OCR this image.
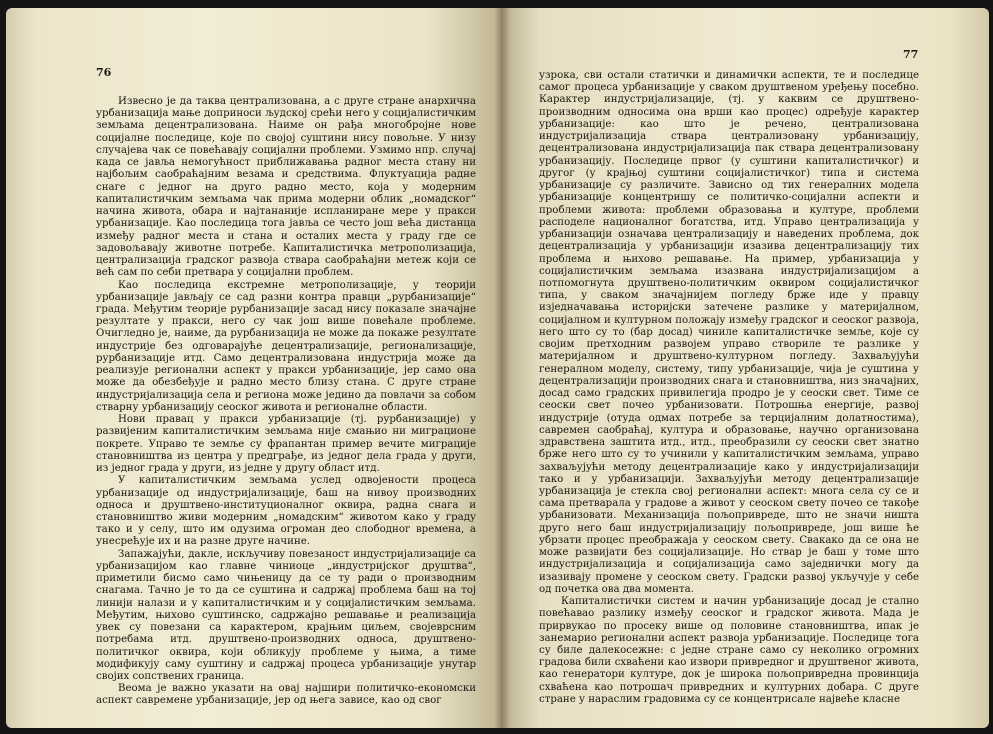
76

Извесно је да таква централизована, а с друге стране анархична урбанизација мање доприноси људској срећи него у социјалистичким земљама децентрализована. Наиме он рађа многобројне нове социјалне последице, које по својој суштини нису повољне. У низу случајева чак се повећавају социјални проблеми. Узмимо нпр. случај када се јавља немогућност приближавања радног места стану ни најбољим саобраћајним везама и средствима. Флуктуација радне снаге с једног на друго радно место, која у модерним капиталистичким земљама чак прима модерни облик „номадског“ начина живота, обара и најтананије испланиране мере у пракси урбанизације. Као последица тога јавља се често још већа дистанца између радног места и стана и осталих места у граду где се задовољавају животне потребе. Капиталистичка метрополизација, централизација градског развоја ствара саобраћајни метеж који се већ сам по себи претвара у социјални проблем.

Као последица екстремне метрополизације, у теорији урбанизације јављају се сад разни контра правци „рурбанизације“ града. Међутим теорије рурбанизације засад нису показале значајне резултате у пракси, него су чак још више повећале проблеме. Очигледно је, наиме, да рурбанизација не може да покаже резултате индустрије без одговарајуће децентрализације, регионализације, рурбанизације итд. Само децентрализована индустрија може да реализује регионални аспект у пракси урбанизације, јер само она може да обезбеђује и радно место близу стана. С друге стране индустријализација села и региона може једино да повлачи за собом стварну урбанизацију сеоског живота и регионалне области.

Нови правац у пракси урбанизације (тј. рурбанизације) у развијеним капиталистичким земљама није смањио ни миграционе покрете. Управо те земље су фрапантан пример вечите миграције становништва из центра у предграђе, из једног дела града у други, из једног града у други, из једне у другу област итд.

У капиталистичким земљама услед одвојености процеса урбанизације од индустријализације, баш на нивоу производних односа и друштвено-институционалног оквира, радна снага и становништво живи модерним „номадским“ животом како у граду тако и у селу, што им одузима огроман део слободног времена, а унесрећује их и на разне друге начине.

Запажајући, дакле, искључиву повезаност индустријализације са урбанизацијом као главне чиниоце „индустријског друштва“, приметили бисмо само чињеницу да се ту ради о производним снагама. Тачно је то да се суштина и садржај проблема баш на тој линији налази и у капиталистичким и у социјалистичким земљама. Међутим, њихово суштинско, садржајно решавање и реализација увек су повезани са карактером, крајњим циљем, својеврсним потребама итд. друштвено-производних односа, друштвено-политичког оквира, који обликују проблеме у њима, а тиме модификују саму суштину и садржај процеса урбанизације унутар својих сопствених граница.

Веома је важно указати на овај најшири политичко-економски аспект савремене урбанизације, јер од њега зависе, као од свог

77

узрока, сви остали статички и динамички аспекти, те и последице самог процеса урбанизације у сваком друштвеном уређењу посебно. Карактер индустријализације, (тј. у каквим се друштвено-производним односима она врши као процес) одређује карактер урбанизације: као што је речено, централизована индустријализација ствара централизовану урбанизацију, децентрализована индустријализација пак ствара децентрализовану урбанизацију. Последице првог (у суштини капиталистичког) и другог (у крајњој суштини социјалистичког) типа и система урбанизације су различите. Зависно од тих генералних модела урбанизације концентришу се политичко-социјални аспекти и проблеми живота: проблеми образовања и културе, проблеми расподеле националног богатства, итд. Управо централизација у урбанизацији означава централизацију и наведених проблема, док децентрализација у урбанизацији изазива децентрализацију тих проблема и њихово решавање. На пример, урбанизација у социјалистичким земљама изазвана индустријализацијом а потпомогнута друштвено-политичким оквиром социјалистичког типа, у сваком значајнијем погледу брже иде у правцу изједначавања историјски затечене разлике у материјалном, социјалном и културном положају између градског и сеоског развоја, него што су то (бар досад) чиниле капиталистичке земље, које су својим претходним развојем управо створиле те разлике у материјалном и друштвено-културном погледу. Захваљујући генералном моделу, систему, типу урбанизације, чија је суштина у децентрализацији производних снага и становништва, низ значајних, досад само градских привилегија продро је у сеоски свет. Тиме се сеоски свет почео урбанизовати. Потрошња енергије, развој индустрије (отуда одмах потребе за терцијалним долатностима), савремен саобраћај, култура и образовање, научно организована здравствена заштита итд., итд., преобразили су сеоски свет знатно брже него што су то учинили у капиталистичким земљама, управо захваљујући методу децентрализације како у индустријализацији тако и у урбанизацији. Захваљујући методу децентрализације урбанизација је стекла свој регионални аспект: многа села су се и сама претварала у градове а живот у сеоском свету почео се такође урбанизовати. Механизација пољопривреде, што не значи ништа друго него баш индустријализацију пољопривреде, још више ће убрзати процес преображаја у сеоском свету. Свакако да се она не може развијати без социјализације. Но ствар је баш у томе што индустријализација и социјализација само заједнички могу да изазивају промене у сеоском свету. Градски развој укључује у себе од почетка ова два момента.

Капиталистички систем и начин урбанизације досад је стално повећавао разлику између сеоског и градског живота. Мада је прирвукао по просеку више од половине становништва, ипак је занемарио регионални аспект развоја урбанизације. Последице тога су биле далекосежне: с једне стране само су неколико огромних градова били схваћени као извори привредног и друштвеног живота, као генератори културе, док је широка пољопривредна провинција схваћена као потрошач привредних и културних добара. С друге стране у нараслим градовима су се концентрисале највеће класне
